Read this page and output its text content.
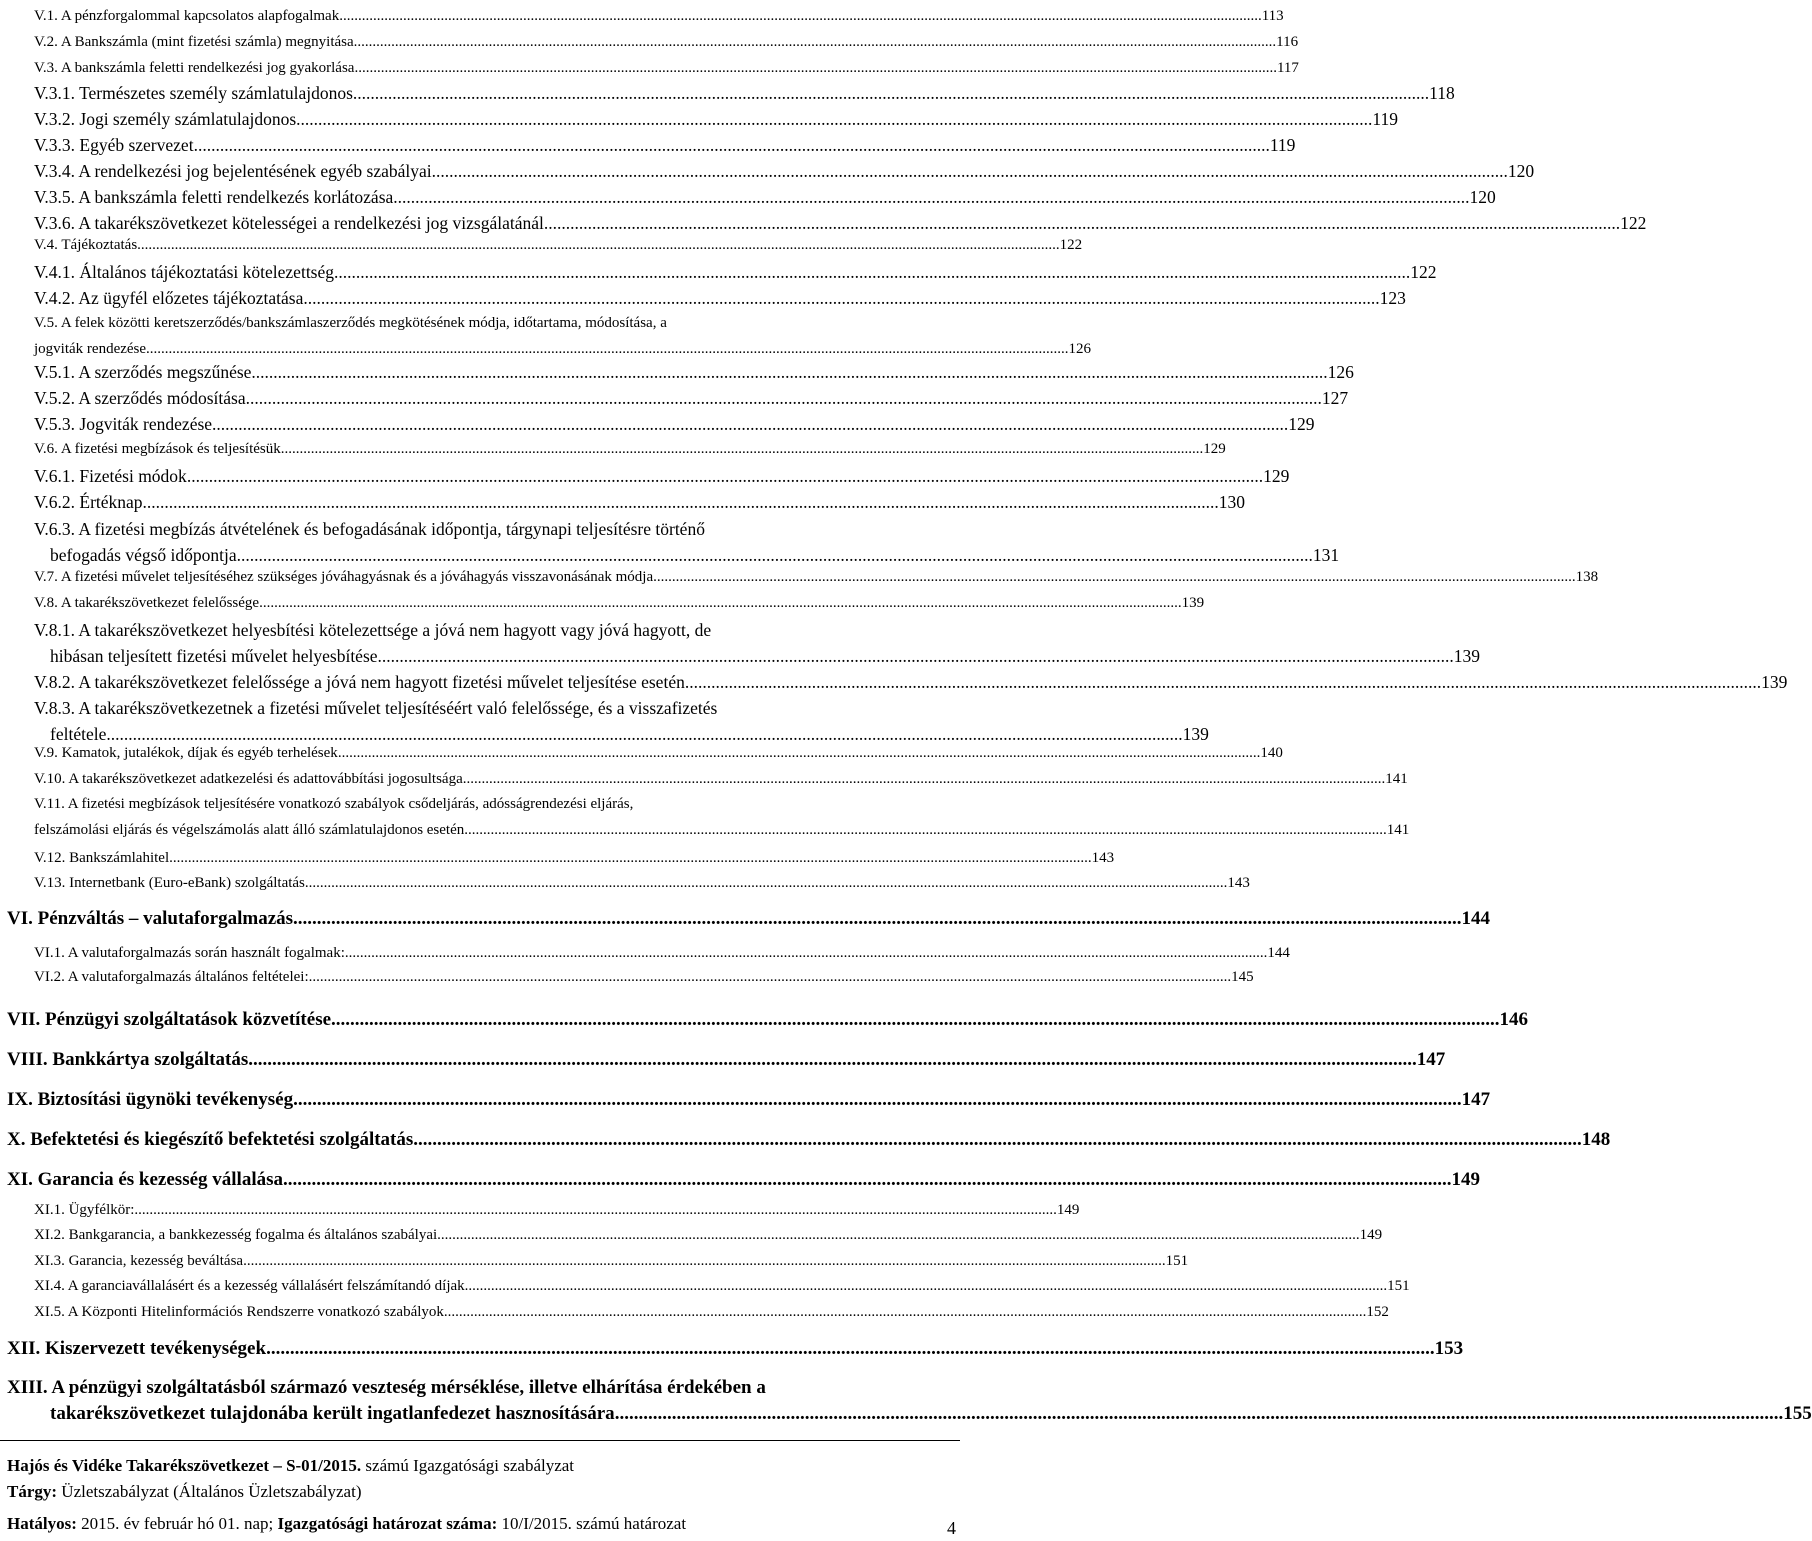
V.1. A pénzforgalommal kapcsolatos alapfogalmak .....	113
V.2. A Bankszámla (mint fizetési számla) megnyitása .....	116
V.3. A bankszámla feletti rendelkezési jog gyakorlása .....	117
V.3.1. Természetes személy számlatulajdonos .....	118
V.3.2. Jogi személy számlatulajdonos .....	119
V.3.3. Egyéb szervezet .....	119
V.3.4. A rendelkezési jog bejelentésének egyéb szabályai .....	120
V.3.5. A bankszámla feletti rendelkezés korlátozása .....	120
V.3.6. A takarékszövetkezet kötelességei a rendelkezési jog vizsgálatánál .....	122
V.4. Tájékoztatás .....	122
V.4.1. Általános tájékoztatási kötelezettség .....	122
V.4.2. Az ügyfél előzetes tájékoztatása .....	123
V.5. A felek közötti keretszerződés/bankszámlaszerződés megkötésének módja, időtartama, módosítása, a
jogviták rendezése .....	126
V.5.1. A szerződés megszűnése .....	126
V.5.2. A szerződés módosítása .....	127
V.5.3. Jogviták rendezése .....	129
V.6. A fizetési megbízások és teljesítésük .....	129
V.6.1. Fizetési módok .....	129
V.6.2. Értéknap .....	130
V.6.3. A fizetési megbízás átvételének és befogadásának időpontja, tárgynapi teljesítésre történő
befogadás végső időpontja .....	131
V.7. A fizetési művelet teljesítéséhez szükséges jóváhagyásnak és a jóváhagyás visszavonásának módja .....	138
V.8. A takarékszövetkezet felelőssége .....	139
V.8.1. A takarékszövetkezet helyesbítési kötelezettsége a jóvá nem hagyott vagy jóvá hagyott, de
hibásan teljesített fizetési művelet helyesbítése .....	139
V.8.2. A takarékszövetkezet felelőssége a jóvá nem hagyott fizetési művelet teljesítése esetén .....	139
V.8.3. A takarékszövetkezetnek a fizetési művelet teljesítéséért való felelőssége, és a visszafizetés
feltétele .....	139
V.9. Kamatok, jutalékok, díjak és egyéb terhelések .....	140
V.10. A takarékszövetkezet adatkezelési és adattovábbítási jogosultsága .....	141
V.11. A fizetési megbízások teljesítésére vonatkozó szabályok csődeljárás, adósságrendezési eljárás,
felszámolási eljárás és végelszámolás alatt álló számlatulajdonos esetén .....	141
V.12. Bankszámlahitel .....	143
V.13. Internetbank (Euro-eBank) szolgáltatás .....	143
VI. Pénzváltás – valutaforgalmazás .....	144
VI.1. A valutaforgalmazás során használt fogalmak: .....	144
VI.2. A valutaforgalmazás általános feltételei: .....	145
VII. Pénzügyi szolgáltatások közvetítése .....	146
VIII. Bankkártya szolgáltatás .....	147
IX. Biztosítási ügynöki tevékenység .....	147
X. Befektetési és kiegészítő befektetési szolgáltatás .....	148
XI. Garancia és kezesség vállalása .....	149
XI.1. Ügyfélkör: .....	149
XI.2. Bankgarancia, a bankkezesség fogalma és általános szabályai .....	149
XI.3. Garancia, kezesség beváltása .....	151
XI.4. A garanciavállalásért és a kezesség vállalásért felszámítandó díjak .....	151
XI.5. A Központi Hitelinformációs Rendszerre vonatkozó szabályok .....	152
XII. Kiszervezett tevékenységek .....	153
XIII. A pénzügyi szolgáltatásból származó veszteség mérséklése, illetve elhárítása érdekében a
takarékszövetkezet tulajdonába került ingatlanfedezet hasznosítására .....	155
Hajós és Vidéke Takarékszövetkezet – S-01/2015. számú Igazgatósági szabályzat
Tárgy: Üzletszabályzat (Általános Üzletszabályzat)
Hatályos: 2015. év február hó 01. nap; Igazgatósági határozat száma: 10/I/2015. számú határozat	4
